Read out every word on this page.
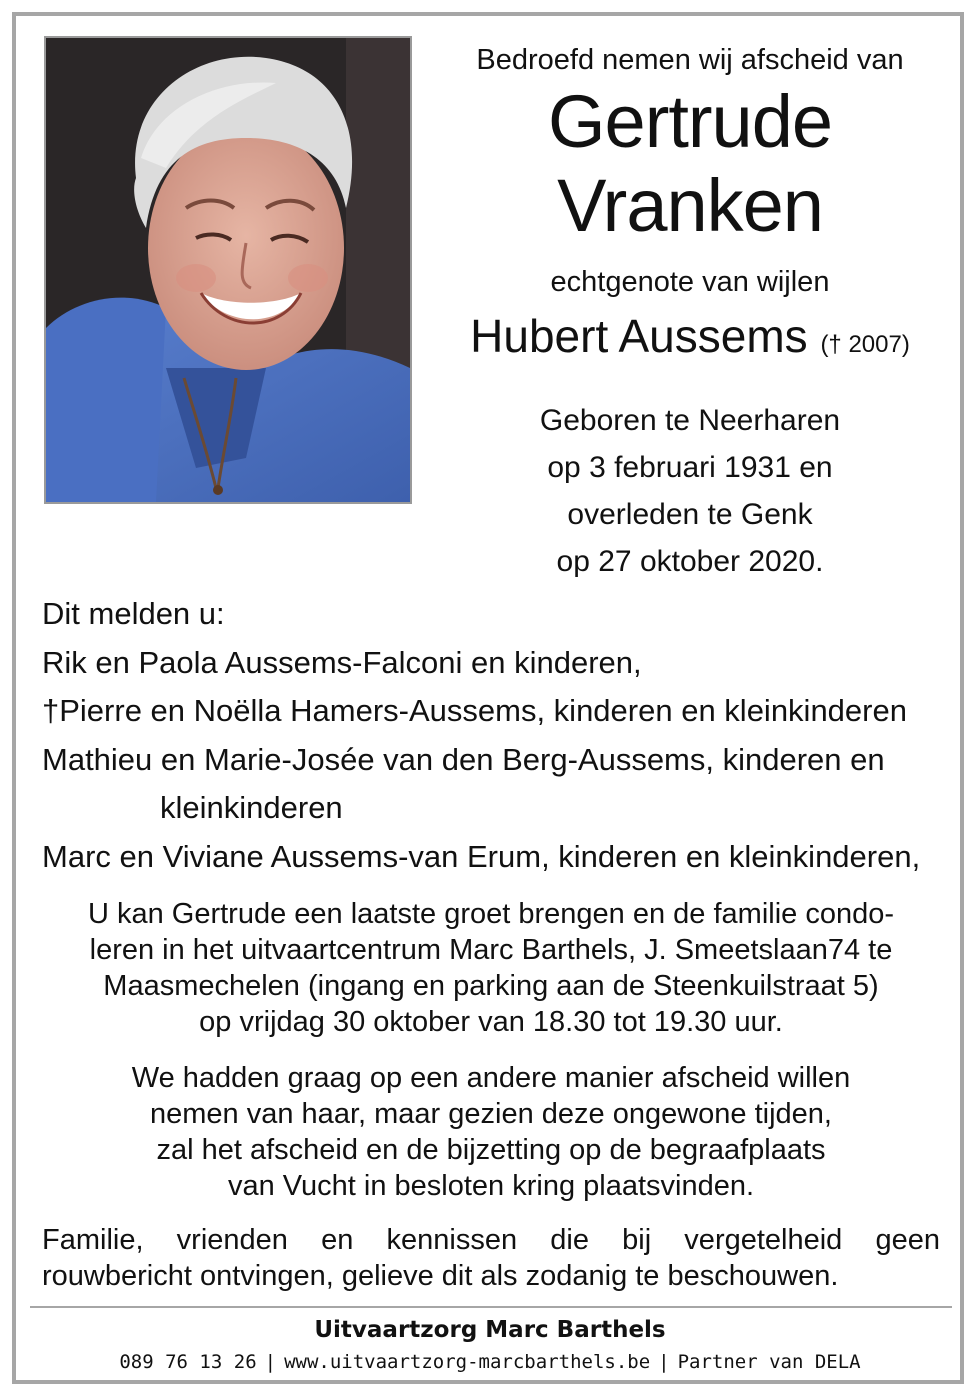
Bedroefd nemen wij afscheid van
Gertrude
Vranken
echtgenote van wijlen
Hubert Aussems († 2007)
Geboren te Neerharen
op 3 februari 1931 en
overleden te Genk
op 27 oktober 2020.
Dit melden u:
Rik en Paola Aussems-Falconi en kinderen,
†Pierre en Noëlla Hamers-Aussems, kinderen en kleinkinderen
Mathieu en Marie-Josée van den Berg-Aussems, kinderen en
kleinkinderen
Marc en Viviane Aussems-van Erum, kinderen en kleinkinderen,
U kan Gertrude een laatste groet brengen en de familie condo-
leren in het uitvaartcentrum Marc Barthels, J. Smeetslaan74 te
Maasmechelen (ingang en parking aan de Steenkuilstraat 5)
op vrijdag 30 oktober van 18.30 tot 19.30 uur.
We hadden graag op een andere manier afscheid willen
nemen van haar, maar gezien deze ongewone tijden,
zal het afscheid en de bijzetting op de begraafplaats
van Vucht in besloten kring plaatsvinden.
Familie, vrienden en kennissen die bij vergetelheid geen
rouwbericht ontvingen, gelieve dit als zodanig te beschouwen.
Uitvaartzorg Marc Barthels
089 76 13 26 | www.uitvaartzorg-marcbarthels.be | Partner van DELA
